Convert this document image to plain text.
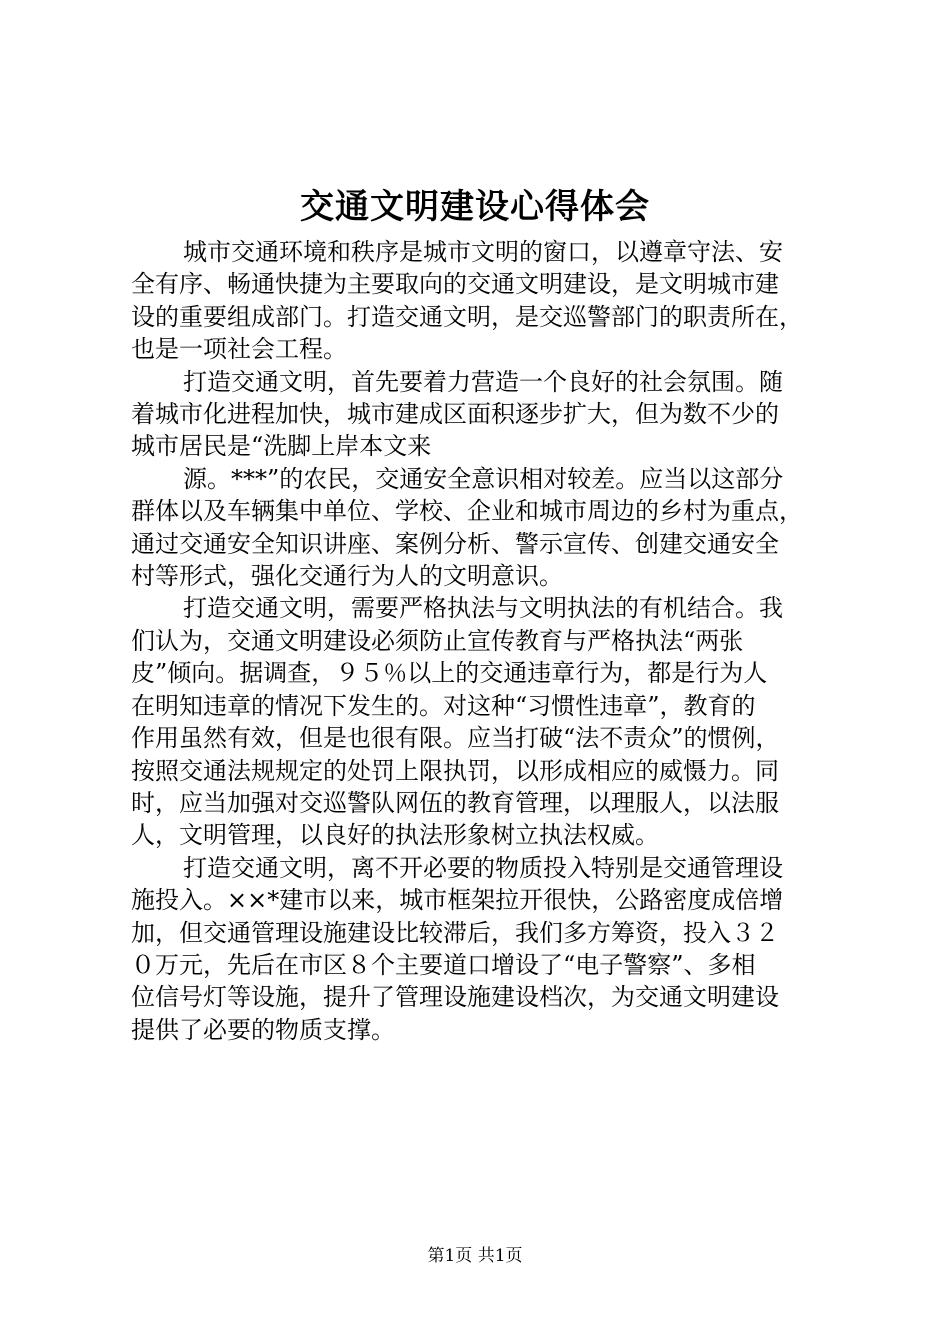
交通文明建设心得体会

城市交通环境和秩序是城市文明的窗口，以遵章守法、安
全有序、畅通快捷为主要取向的交通文明建设，是文明城市建
设的重要组成部门。打造交通文明，是交巡警部门的职责所在，
也是一项社会工程。

打造交通文明，首先要着力营造一个良好的社会氛围。随
着城市化进程加快，城市建成区面积逐步扩大，但为数不少的
城市居民是“洗脚上岸本文来

源。***”的农民，交通安全意识相对较差。应当以这部分
群体以及车辆集中单位、学校、企业和城市周边的乡村为重点，
通过交通安全知识讲座、案例分析、警示宣传、创建交通安全
村等形式，强化交通行为人的文明意识。

打造交通文明，需要严格执法与文明执法的有机结合。我
们认为，交通文明建设必须防止宣传教育与严格执法“两张
皮”倾向。据调查，９５％以上的交通违章行为，都是行为人
在明知违章的情况下发生的。对这种“习惯性违章”，教育的
作用虽然有效，但是也很有限。应当打破“法不责众”的惯例，
按照交通法规规定的处罚上限执罚，以形成相应的威慑力。同
时，应当加强对交巡警队网伍的教育管理，以理服人，以法服
人，文明管理，以良好的执法形象树立执法权威。

打造交通文明，离不开必要的物质投入特别是交通管理设
施投入。××*建市以来，城市框架拉开很快，公路密度成倍增
加，但交通管理设施建设比较滞后，我们多方筹资，投入３２
０万元，先后在市区８个主要道口增设了“电子警察”、多相
位信号灯等设施，提升了管理设施建设档次，为交通文明建设
提供了必要的物质支撑。

第1页 共1页
